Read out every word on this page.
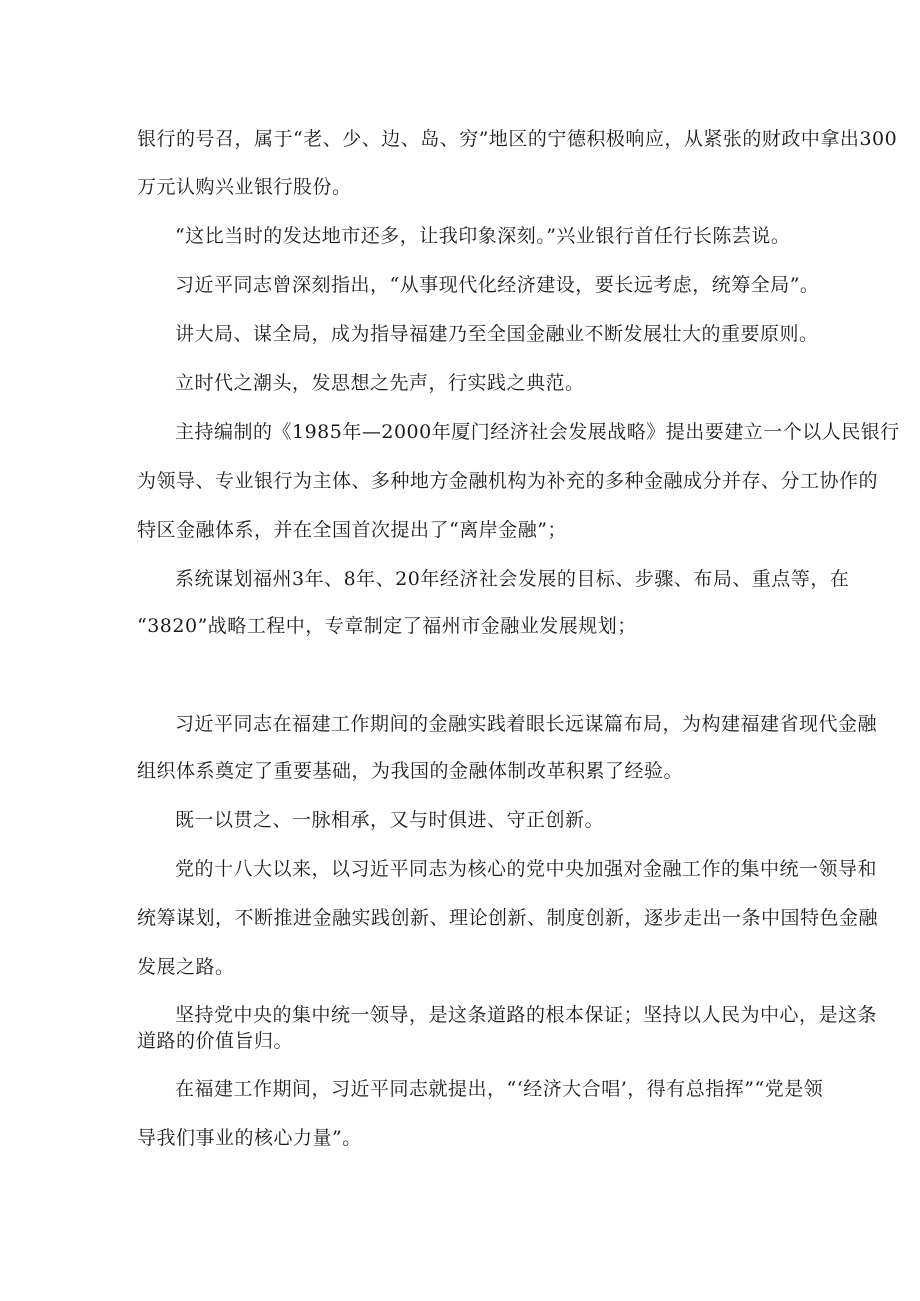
银行的号召，属于“老、少、边、岛、穷”地区的宁德积极响应，从紧张的财政中拿出300

万元认购兴业银行股份。

“这比当时的发达地市还多，让我印象深刻。”兴业银行首任行长陈芸说。

习近平同志曾深刻指出，“从事现代化经济建设，要长远考虑，统筹全局”。

讲大局、谋全局，成为指导福建乃至全国金融业不断发展壮大的重要原则。

立时代之潮头，发思想之先声，行实践之典范。

主持编制的《1985年—2000年厦门经济社会发展战略》提出要建立一个以人民银行

为领导、专业银行为主体、多种地方金融机构为补充的多种金融成分并存、分工协作的

特区金融体系，并在全国首次提出了“离岸金融”；

系统谋划福州3年、8年、20年经济社会发展的目标、步骤、布局、重点等，在

“3820”战略工程中，专章制定了福州市金融业发展规划；

习近平同志在福建工作期间的金融实践着眼长远谋篇布局，为构建福建省现代金融

组织体系奠定了重要基础，为我国的金融体制改革积累了经验。

既一以贯之、一脉相承，又与时俱进、守正创新。

党的十八大以来，以习近平同志为核心的党中央加强对金融工作的集中统一领导和

统筹谋划，不断推进金融实践创新、理论创新、制度创新，逐步走出一条中国特色金融

发展之路。

坚持党中央的集中统一领导，是这条道路的根本保证；坚持以人民为中心，是这条

道路的价值旨归。

在福建工作期间，习近平同志就提出，“‘经济大合唱’，得有总指挥”“党是领

导我们事业的核心力量”。
